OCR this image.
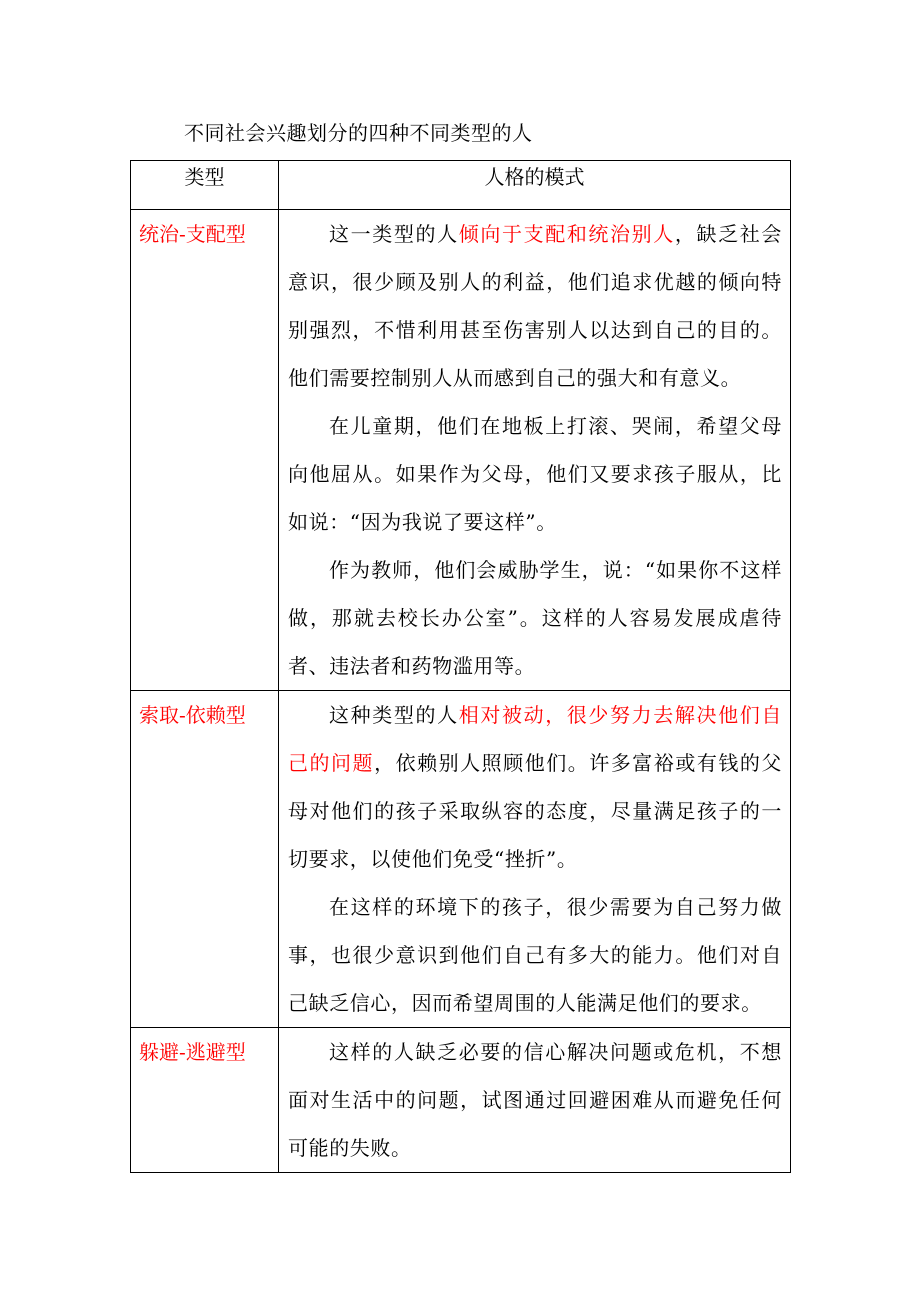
不同社会兴趣划分的四种不同类型的人
类型	人格的模式
统治-支配型	这一类型的人倾向于支配和统治别人，缺乏社会意识，很少顾及别人的利益，他们追求优越的倾向特别强烈，不惜利用甚至伤害别人以达到自己的目的。他们需要控制别人从而感到自己的强大和有意义。

在儿童期，他们在地板上打滚、哭闹，希望父母向他屈从。如果作为父母，他们又要求孩子服从，比如说：“因为我说了要这样”。

作为教师，他们会威胁学生，说：“如果你不这样做，那就去校长办公室”。这样的人容易发展成虐待者、违法者和药物滥用等。

索取-依赖型	这种类型的人相对被动，很少努力去解决他们自己的问题，依赖别人照顾他们。许多富裕或有钱的父母对他们的孩子采取纵容的态度，尽量满足孩子的一切要求，以使他们免受“挫折”。

在这样的环境下的孩子，很少需要为自己努力做事，也很少意识到他们自己有多大的能力。他们对自己缺乏信心，因而希望周围的人能满足他们的要求。

躲避-逃避型	这样的人缺乏必要的信心解决问题或危机，不想面对生活中的问题，试图通过回避困难从而避免任何可能的失败。
